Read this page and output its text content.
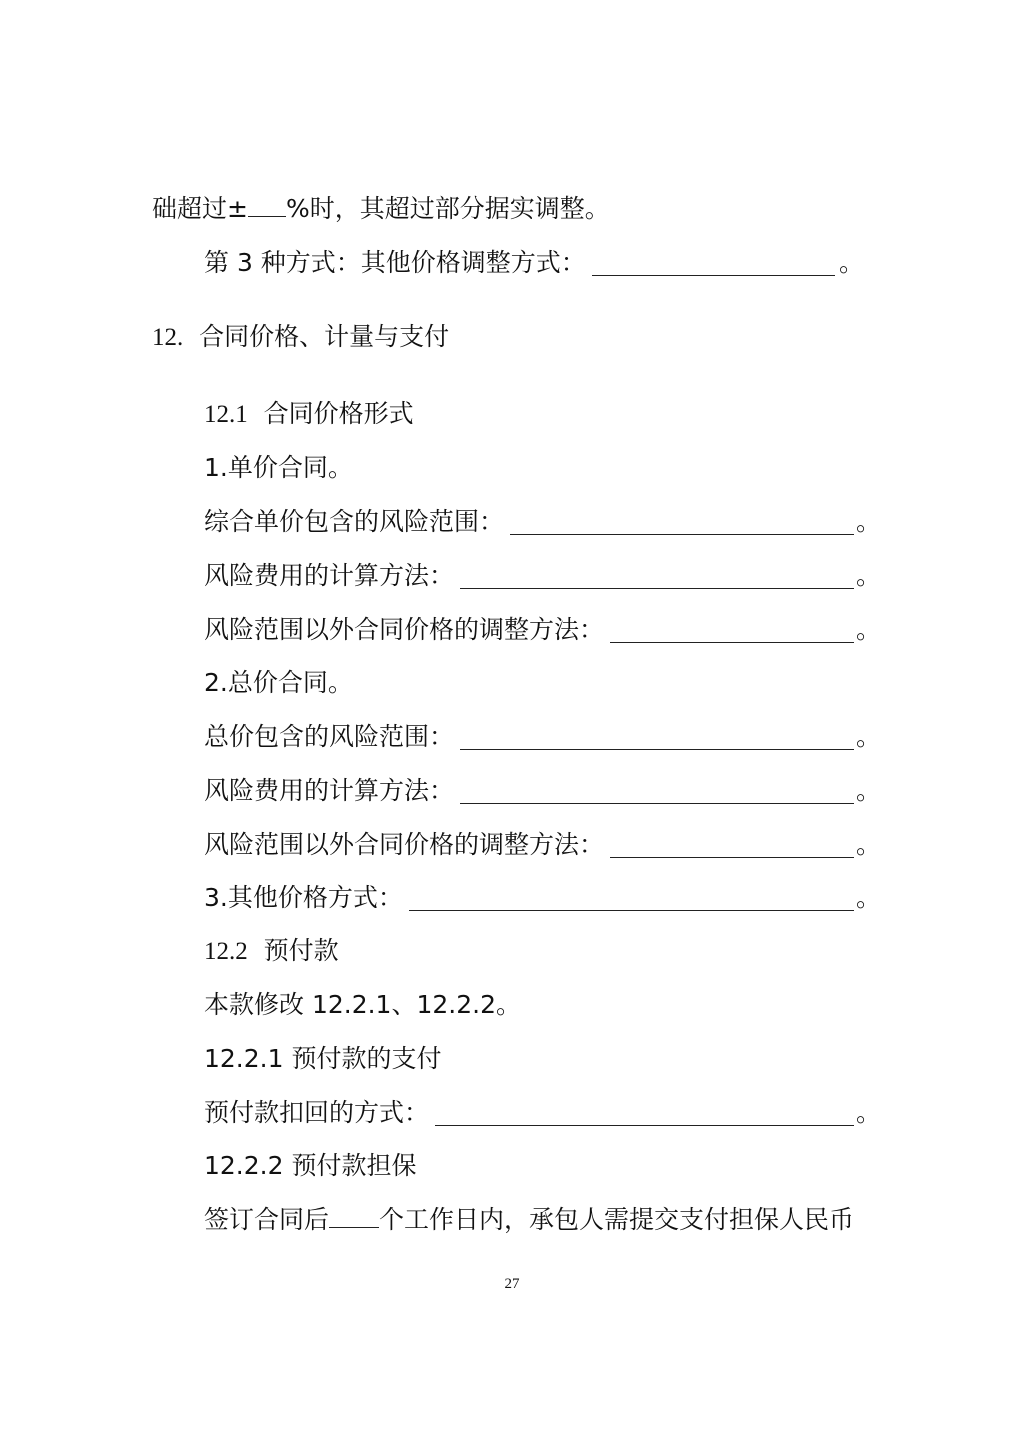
础超过± %时，其超过部分据实调整。
第 3 种方式：其他价格调整方式：	。
12. 合同价格、计量与支付
12.1 合同价格形式
1.单价合同。
综合单价包含的风险范围：	。
风险费用的计算方法：	。
风险范围以外合同价格的调整方法：	。
2.总价合同。
总价包含的风险范围：	。
风险费用的计算方法：	。
风险范围以外合同价格的调整方法：	。
3.其他价格方式：	。
12.2 预付款
本款修改 12.2.1、12.2.2。
12.2.1 预付款的支付
预付款扣回的方式：	。
12.2.2 预付款担保
签订合同后 个工作日内，承包人需提交支付担保人民币
27
